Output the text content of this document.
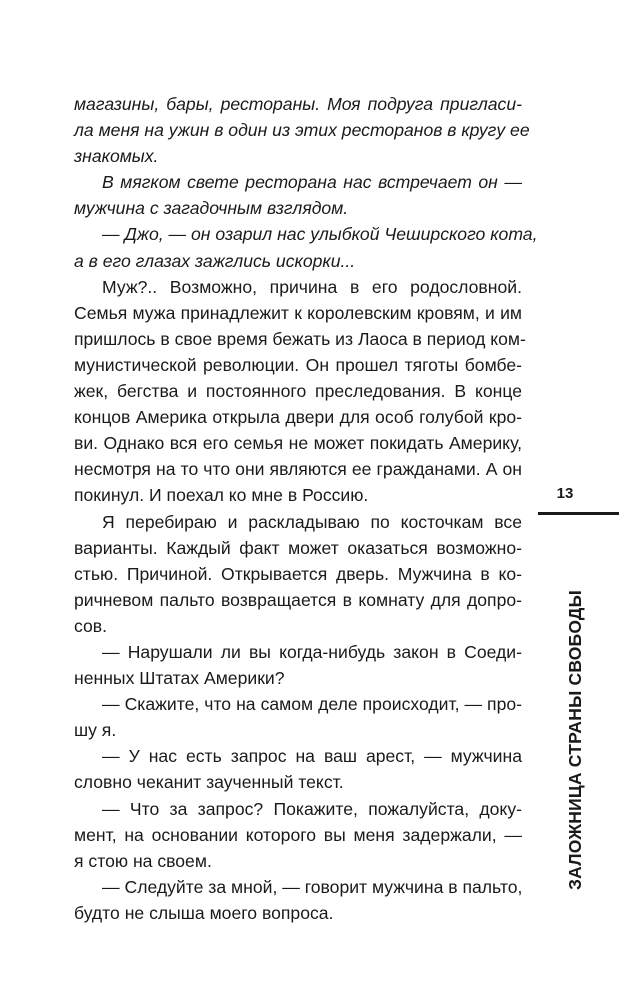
магазины, бары, рестораны. Моя подруга пригласи-
ла меня на ужин в один из этих ресторанов в кругу ее
знакомых.
В мягком свете ресторана нас встречает он —
мужчина с загадочным взглядом.
— Джо, — он озарил нас улыбкой Чеширского кота,
а в его глазах зажглись искорки...
Муж?.. Возможно, причина в его родословной.
Семья мужа принадлежит к королевским кровям, и им
пришлось в свое время бежать из Лаоса в период ком-
мунистической революции. Он прошел тяготы бомбе-
жек, бегства и постоянного преследования. В конце
концов Америка открыла двери для особ голубой кро-
ви. Однако вся его семья не может покидать Америку,
несмотря на то что они являются ее гражданами. А он
покинул. И поехал ко мне в Россию.
Я перебираю и раскладываю по косточкам все
варианты. Каждый факт может оказаться возможно-
стью. Причиной. Открывается дверь. Мужчина в ко-
ричневом пальто возвращается в комнату для допро-
сов.
— Нарушали ли вы когда-нибудь закон в Соеди-
ненных Штатах Америки?
— Скажите, что на самом деле происходит, — про-
шу я.
— У нас есть запрос на ваш арест, — мужчина
словно чеканит заученный текст.
— Что за запрос? Покажите, пожалуйста, доку-
мент, на основании которого вы меня задержали, —
я стою на своем.
— Следуйте за мной, — говорит мужчина в пальто,
будто не слыша моего вопроса.
13
ЗАЛОЖНИЦА СТРАНЫ СВОБОДЫ
